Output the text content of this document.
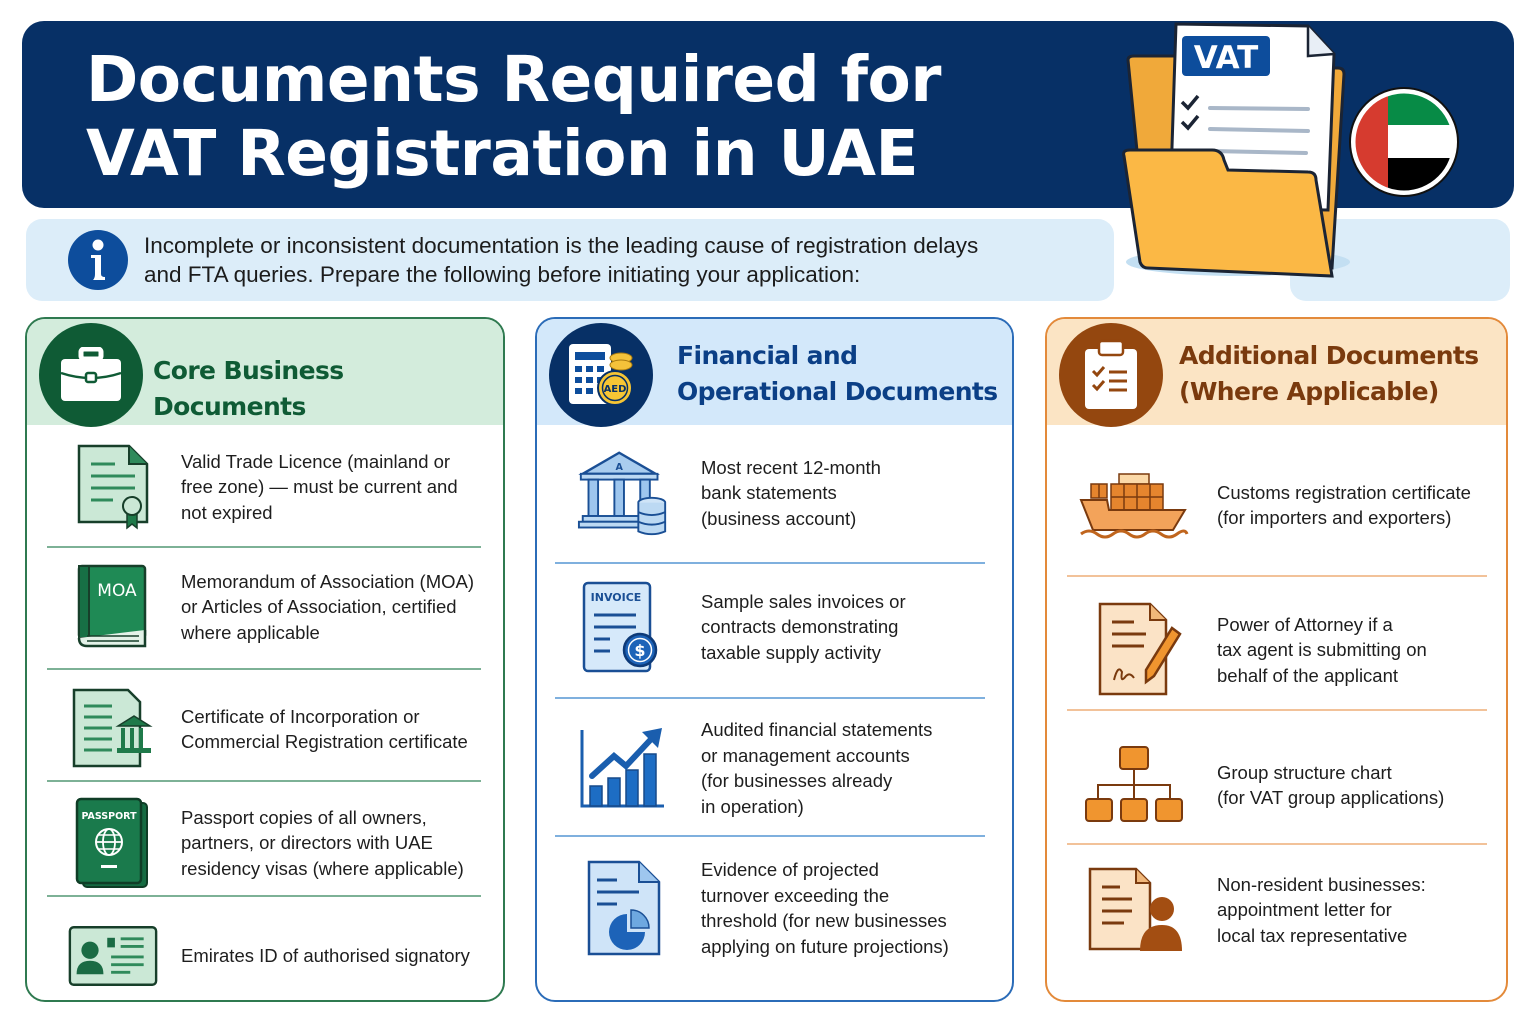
Documents Required for
VAT Registration in UAE
Incomplete or inconsistent documentation is the leading cause of registration delays
and FTA queries. Prepare the following before initiating your application:
VAT
Core Business Documents
Valid Trade Licence (mainland or
free zone) — must be current and
not expired
MOA Memorandum of Association (MOA)
or Articles of Association, certified
where applicable
Certificate of Incorporation or
Commercial Registration certificate
PASSPORT Passport copies of all owners,
partners, or directors with UAE
residency visas (where applicable)
Emirates ID of authorised signatory
AED
Financial and
Operational Documents
A	Most recent 12-month
bank statements
(business account)
INVOICE
$
Sample sales invoices or
contracts demonstrating
taxable supply activity
Audited financial statements
or management accounts
(for businesses already
in operation)
Evidence of projected
turnover exceeding the
threshold (for new businesses
applying on future projections)
Additional Documents
(Where Applicable)
Customs registration certificate
(for importers and exporters)
Power of Attorney if a
tax agent is submitting on
behalf of the applicant
Group structure chart
(for VAT group applications)
Non-resident businesses:
appointment letter for
local tax representative
